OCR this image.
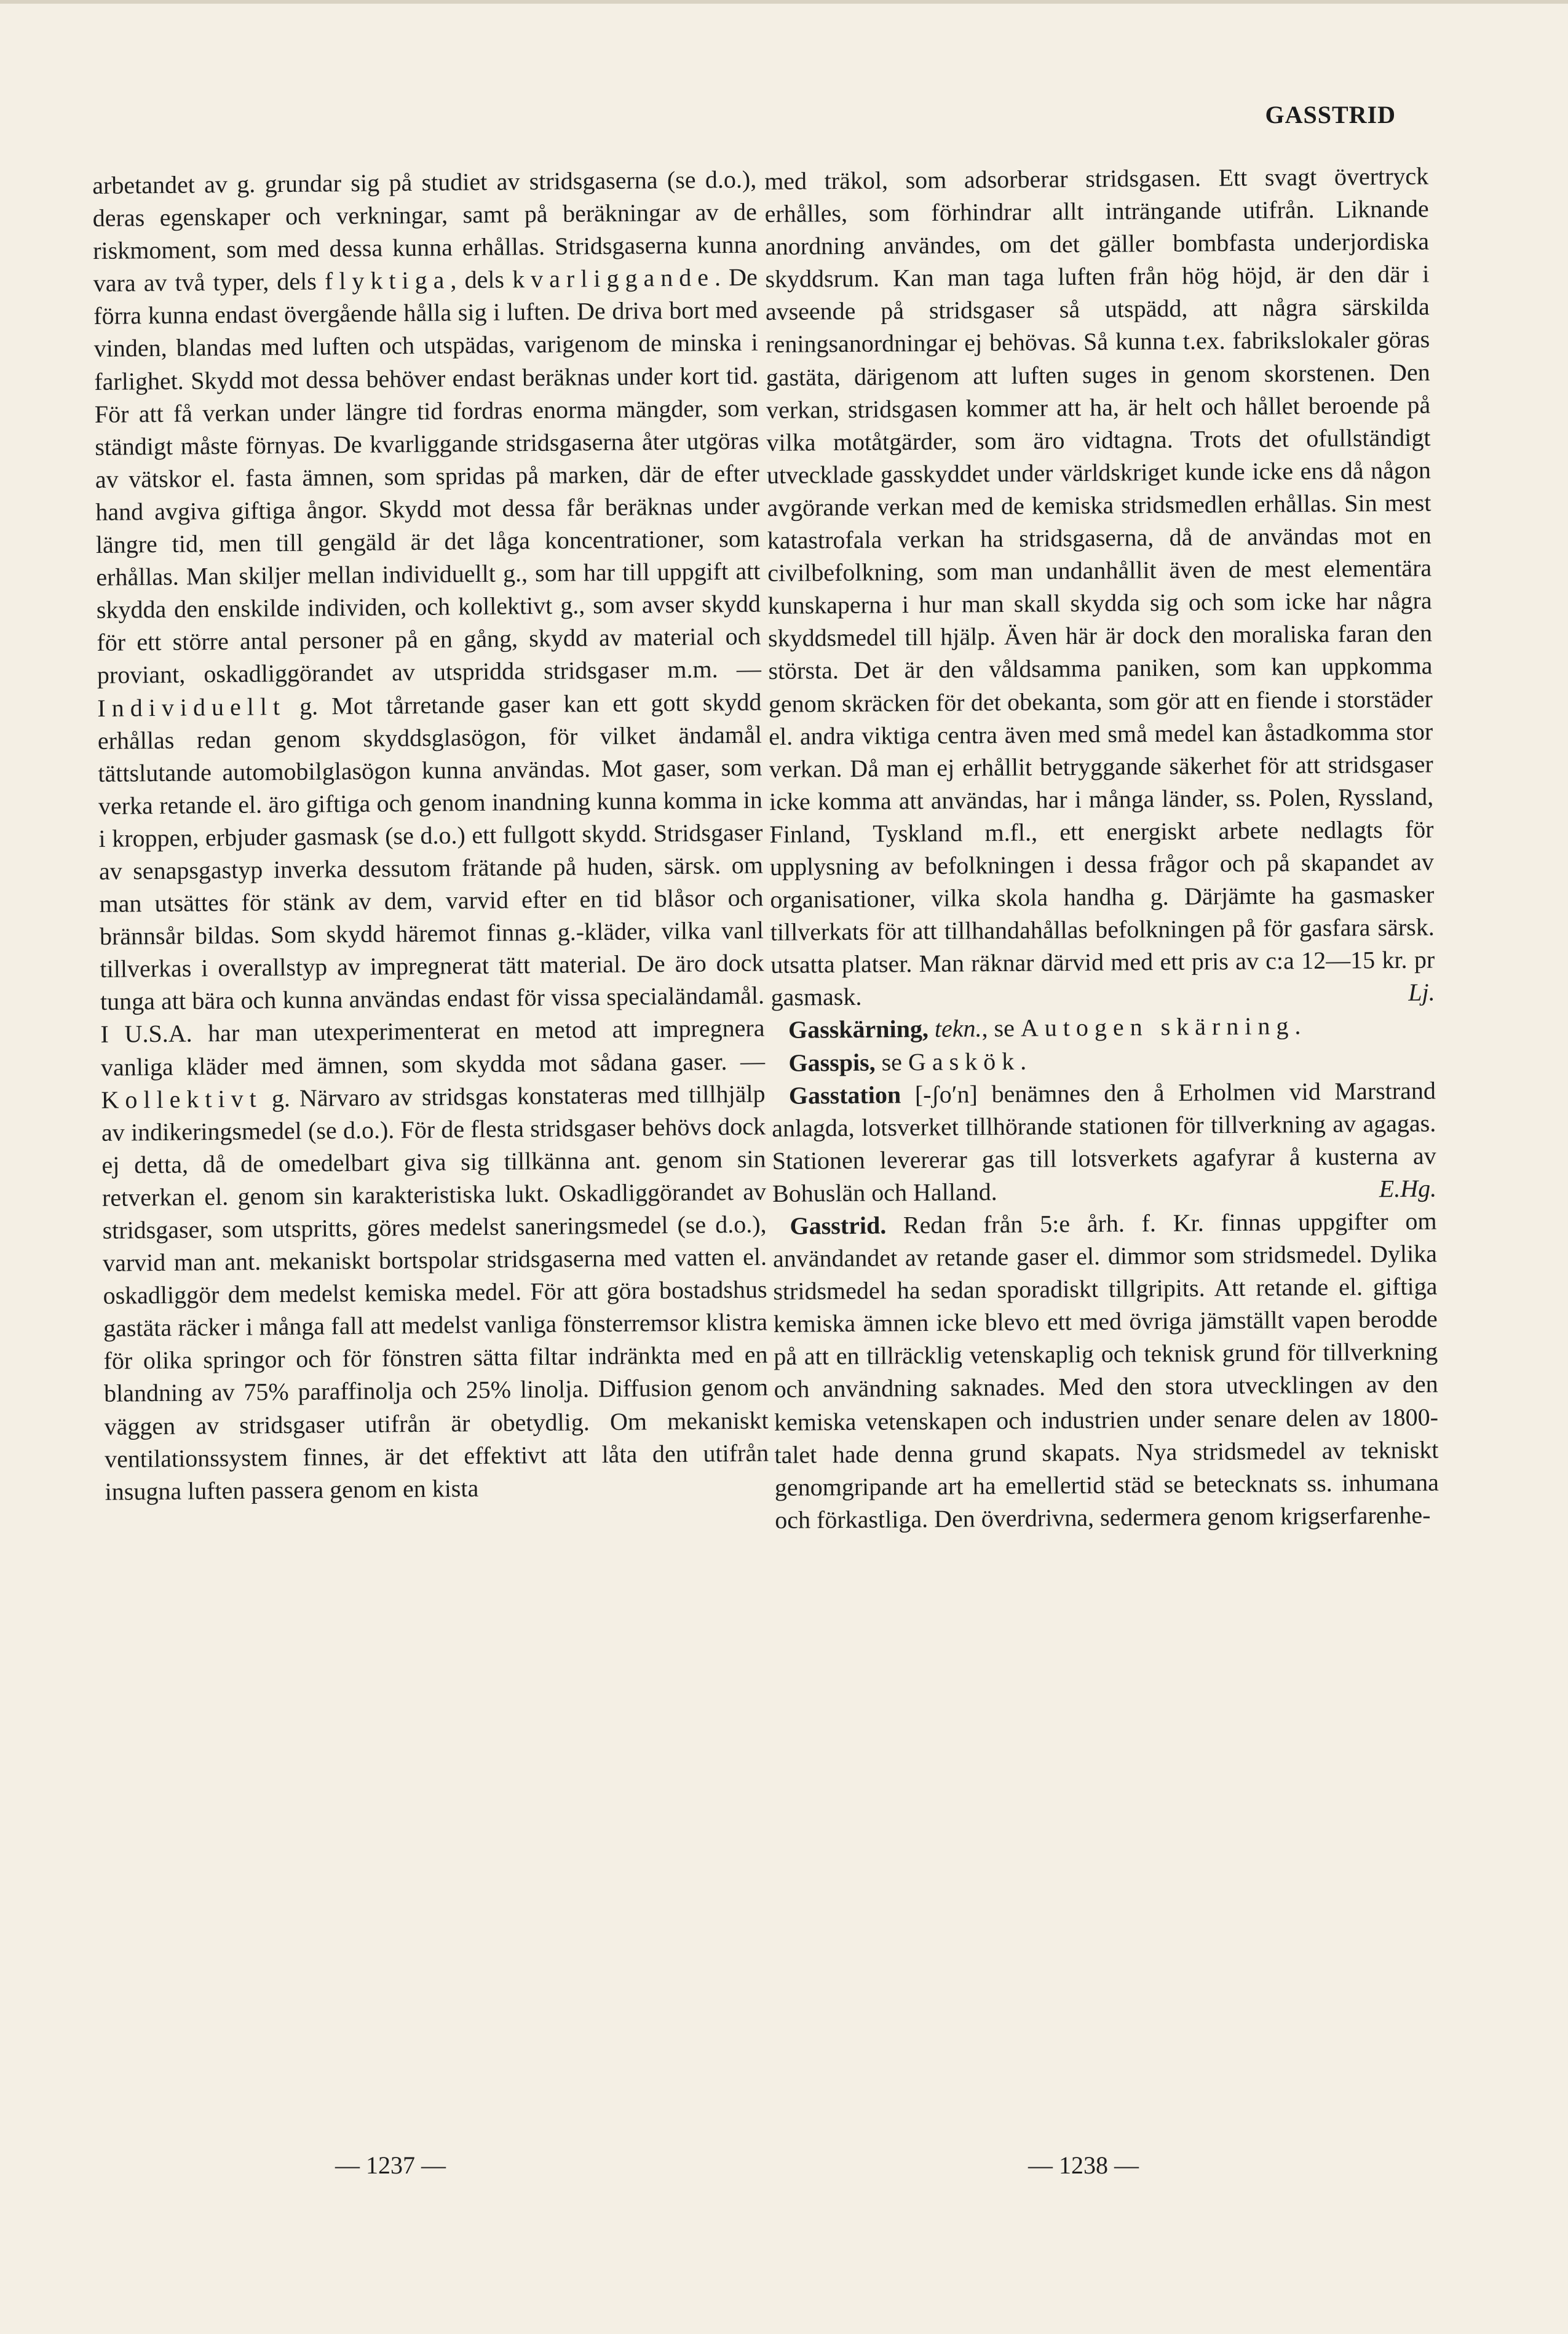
GASSTRID

arbetandet av g. grundar sig på studiet av stridsgaserna (se d.o.), deras egenskaper och verkningar, samt på beräkningar av de riskmoment, som med dessa kunna erhållas. Stridsgaserna kunna vara av två typer, dels flyktiga, dels kvarliggande. De förra kunna endast övergående hålla sig i luften. De driva bort med vinden, blandas med luften och utspädas, varigenom de minska i farlighet. Skydd mot dessa behöver endast beräknas under kort tid. För att få verkan under längre tid fordras enorma mängder, som ständigt måste förnyas. De kvarliggande stridsgaserna åter utgöras av vätskor el. fasta ämnen, som spridas på marken, där de efter hand avgiva giftiga ångor. Skydd mot dessa får beräknas under längre tid, men till gengäld är det låga koncentrationer, som erhållas. Man skiljer mellan individuellt g., som har till uppgift att skydda den enskilde individen, och kollektivt g., som avser skydd för ett större antal personer på en gång, skydd av material och proviant, oskadliggörandet av utspridda stridsgaser m.m. — Individuellt g. Mot tårretande gaser kan ett gott skydd erhållas redan genom skyddsglasögon, för vilket ändamål tättslutande automobilglasögon kunna användas. Mot gaser, som verka retande el. äro giftiga och genom inandning kunna komma in i kroppen, erbjuder gasmask (se d.o.) ett fullgott skydd. Stridsgaser av senapsgastyp inverka dessutom frätande på huden, särsk. om man utsättes för stänk av dem, varvid efter en tid blåsor och brännsår bildas. Som skydd häremot finnas g.-kläder, vilka vanl tillverkas i overallstyp av impregnerat tätt material. De äro dock tunga att bära och kunna användas endast för vissa specialändamål. I U.S.A. har man utexperimenterat en metod att impregnera vanliga kläder med ämnen, som skydda mot sådana gaser. — Kollektivt g. Närvaro av stridsgas konstateras med tillhjälp av indikeringsmedel (se d.o.). För de flesta stridsgaser behövs dock ej detta, då de omedelbart giva sig tillkänna ant. genom sin retverkan el. genom sin karakteristiska lukt. Oskadliggörandet av stridsgaser, som utspritts, göres medelst saneringsmedel (se d.o.), varvid man ant. mekaniskt bortspolar stridsgaserna med vatten el. oskadliggör dem medelst kemiska medel. För att göra bostadshus gastäta räcker i många fall att medelst vanliga fönsterremsor klistra för olika springor och för fönstren sätta filtar indränkta med en blandning av 75% paraffinolja och 25% linolja. Diffusion genom väggen av stridsgaser utifrån är obetydlig. Om mekaniskt ventilationssystem finnes, är det effektivt att låta den utifrån insugna luften passera genom en kista

med träkol, som adsorberar stridsgasen. Ett svagt övertryck erhålles, som förhindrar allt inträngande utifrån. Liknande anordning användes, om det gäller bombfasta underjordiska skyddsrum. Kan man taga luften från hög höjd, är den där i avseende på stridsgaser så utspädd, att några särskilda reningsanordningar ej behövas. Så kunna t.ex. fabrikslokaler göras gastäta, därigenom att luften suges in genom skorstenen. Den verkan, stridsgasen kommer att ha, är helt och hållet beroende på vilka motåtgärder, som äro vidtagna. Trots det ofullständigt utvecklade gasskyddet under världskriget kunde icke ens då någon avgörande verkan med de kemiska stridsmedlen erhållas. Sin mest katastrofala verkan ha stridsgaserna, då de användas mot en civilbefolkning, som man undanhållit även de mest elementära kunskaperna i hur man skall skydda sig och som icke har några skyddsmedel till hjälp. Även här är dock den moraliska faran den största. Det är den våldsamma paniken, som kan uppkomma genom skräcken för det obekanta, som gör att en fiende i storstäder el. andra viktiga centra även med små medel kan åstadkomma stor verkan. Då man ej erhållit betryggande säkerhet för att stridsgaser icke komma att användas, har i många länder, ss. Polen, Ryssland, Finland, Tyskland m.fl., ett energiskt arbete nedlagts för upplysning av befolkningen i dessa frågor och på skapandet av organisationer, vilka skola handha g. Därjämte ha gasmasker tillverkats för att tillhandahållas befolkningen på för gasfara särsk. utsatta platser. Man räknar därvid med ett pris av c:a 12—15 kr. pr gasmask.	Lj.

Gasskärning, tekn., se Autogen skärning.

Gasspis, se Gaskök.

Gasstation [-ʃo′n] benämnes den å Erholmen vid Marstrand anlagda, lotsverket tillhörande stationen för tillverkning av agagas. Stationen levererar gas till lotsverkets agafyrar å kusterna av Bohuslän och Halland.	E.Hg.

Gasstrid. Redan från 5:e årh. f. Kr. finnas uppgifter om användandet av retande gaser el. dimmor som stridsmedel. Dylika stridsmedel ha sedan sporadiskt tillgripits. Att retande el. giftiga kemiska ämnen icke blevo ett med övriga jämställt vapen berodde på att en tillräcklig vetenskaplig och teknisk grund för tillverkning och användning saknades. Med den stora utvecklingen av den kemiska vetenskapen och industrien under senare delen av 1800-talet hade denna grund skapats. Nya stridsmedel av tekniskt genomgripande art ha emellertid städ se betecknats ss. inhumana och förkastliga. Den överdrivna, sedermera genom krigserfarenhe-

— 1237 —	— 1238 —
